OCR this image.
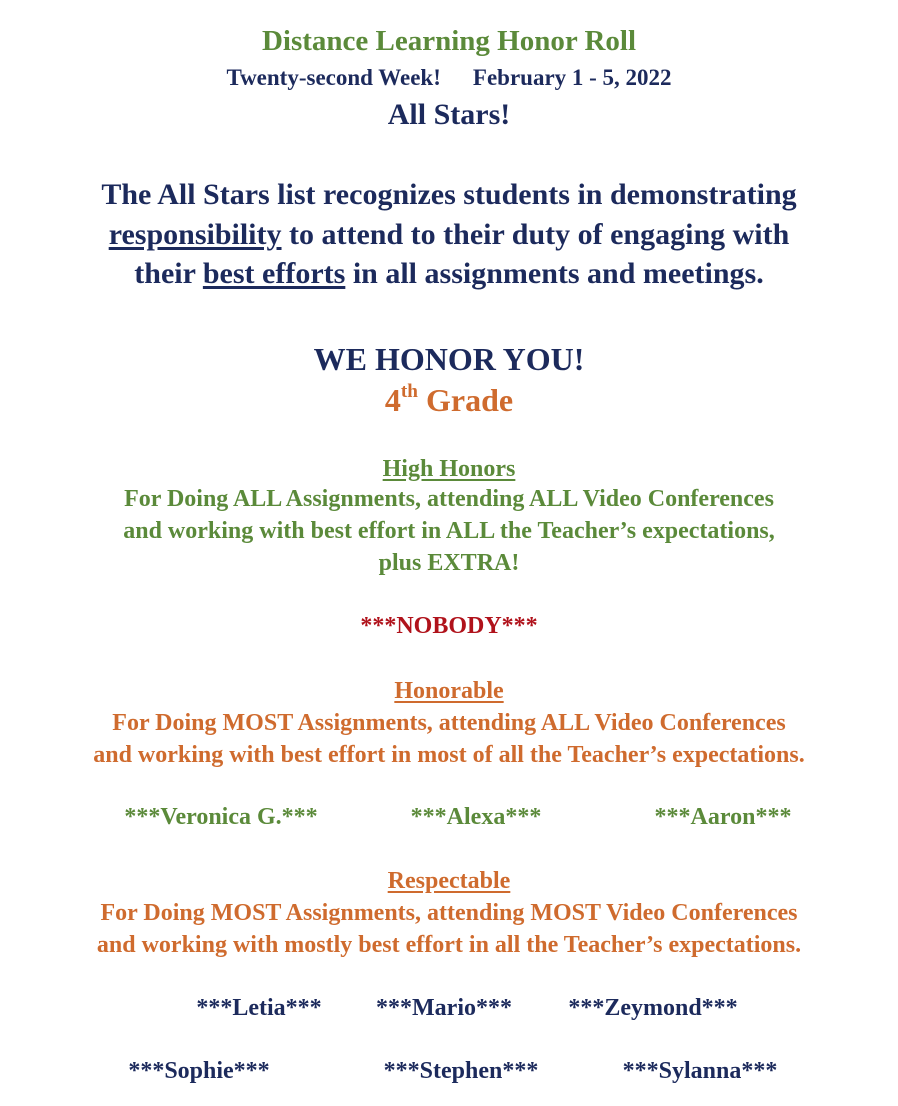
Distance Learning Honor Roll
Twenty-second Week! February 1 - 5, 2022
All Stars!
The All Stars list recognizes students in demonstrating
responsibility to attend to their duty of engaging with
their best efforts in all assignments and meetings.
WE HONOR YOU!
4th Grade
High Honors
For Doing ALL Assignments, attending ALL Video Conferences
and working with best effort in ALL the Teacher’s expectations,
plus EXTRA!
***NOBODY***
Honorable
For Doing MOST Assignments, attending ALL Video Conferences
and working with best effort in most of all the Teacher’s expectations.
***Veronica G.***	***Alexa***	***Aaron***
Respectable
For Doing MOST Assignments, attending MOST Video Conferences
and working with mostly best effort in all the Teacher’s expectations.
***Letia*** ***Mario*** ***Zeymond***
***Sophie***	***Stephen***	***Sylanna***
